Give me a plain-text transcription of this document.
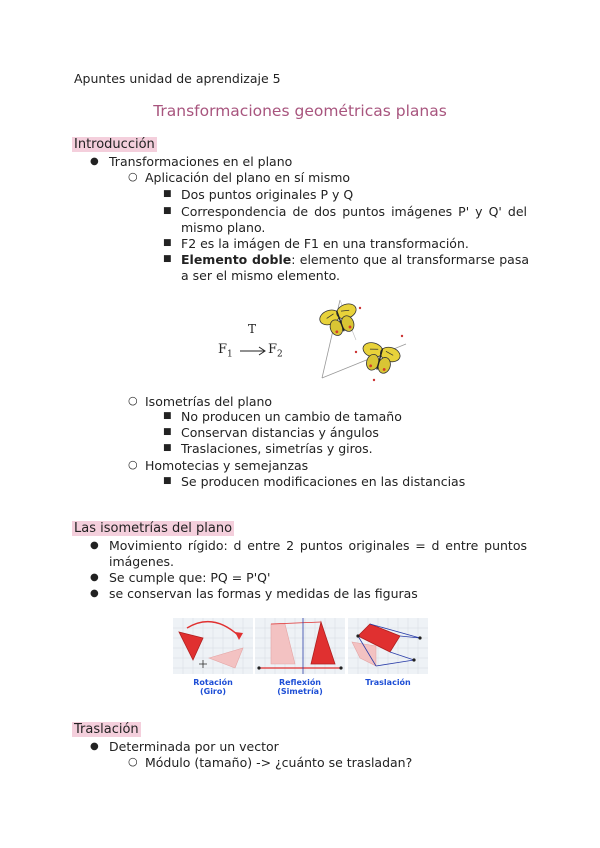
Apuntes unidad de aprendizaje 5
Transformaciones geométricas planas
Introducción
● Transformaciones en el plano
○ Aplicación del plano en sí mismo
■ Dos puntos originales P y Q
■ Correspondencia de dos puntos imágenes P' y Q' del mismo plano.
■ F2 es la imágen de F1 en una transformación.
■ Elemento doble: elemento que al transformarse pasa a ser el mismo elemento.
T
$F_1$	$F_2$
○ Isometrías del plano
■ No producen un cambio de tamaño
■ Conservan distancias y ángulos
■ Traslaciones, simetrías y giros.
○ Homotecias y semejanzas
■ Se producen modificaciones en las distancias
Las isometrías del plano
● Movimiento rígido: d entre 2 puntos originales = d entre puntos imágenes.
● Se cumple que: PQ = P'Q'
● se conservan las formas y medidas de las figuras
Rotación
(Giro)
Reflexión
(Simetría)
Traslación
Traslación
● Determinada por un vector
○ Módulo (tamaño) -> ¿cuánto se trasladan?
